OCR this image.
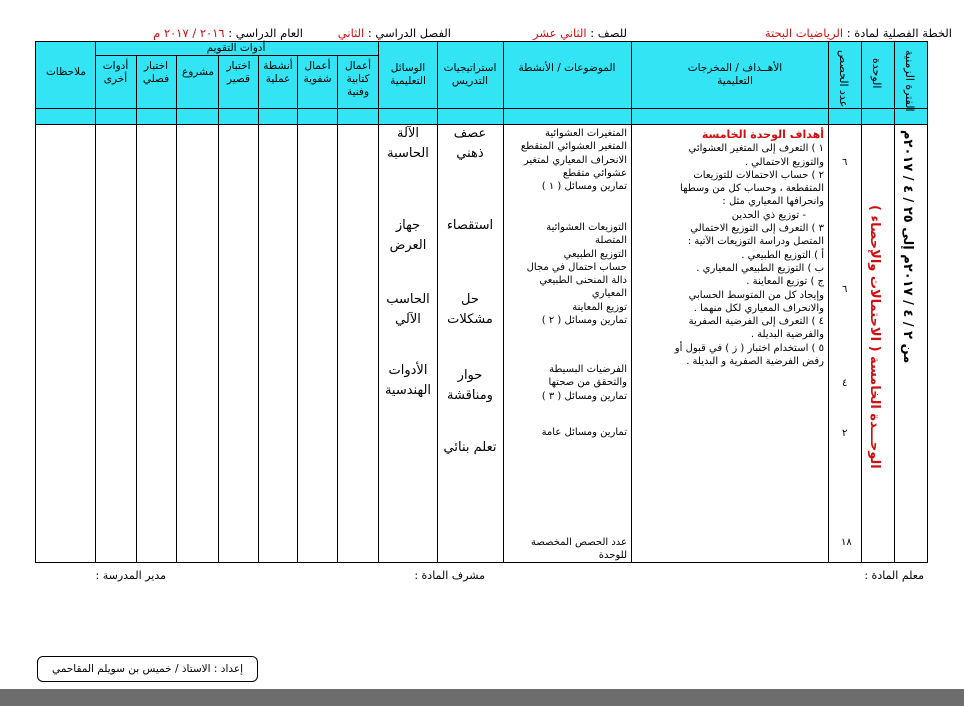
الخطة الفصلية لمادة : الرياضيات البحتة
للصف : الثاني عشر
الفصل الدراسي : الثاني
العام الدراسي : ٢٠١٦ / ٢٠١٧ م
الفترة الزمنية
الوحدة
عدد الحصص
الأهــداف / المخرجات التعليمية
الموضوعات / الأنشطة
استراتيجيات التدريس
الوسائل التعليمية
أدوات التقويم
أعمال كتابية وفنية
أعمال شفوية
أنشطة عملية
اختبار قصير
مشروع
اختبار فصلي
أدوات أخرى
ملاحظات
من ٢ / ٤ / ٢٠١٧م إلى ٢٥ / ٤ / ٢٠١٧م
الوحـــدة الخامسة ( الاحتمالات والإحصاء )
٦
٦
٤
٢
١٨
أهداف الوحدة الخامسة
١ ) التعرف إلى المتغير العشوائي
والتوزيع الاحتمالي .
٢ ) حساب الاحتمالات للتوزيعات
المتقطعة ، وحساب كل من وسطها
وانحرافها المعياري مثل :
- توزيع ذي الحدين
٣ ) التعرف إلى التوزيع الاحتمالي
المتصل ودراسة التوزيعات الآتية :
أ ) التوزيع الطبيعي .
ب ) التوزيع الطبيعي المعياري .
ج ) توزيع المعاينة .
وإيجاد كل من المتوسط الحسابي
والانحراف المعياري لكل منهما .
٤ ) التعرف إلى الفرضية الصفرية
والفرضية البديلة .
٥ ) استخدام اختبار ( ز ) في قبول أو
رفض الفرضية الصفرية و البديلة .
المتغيرات العشوائية
المتغير العشوائي المتقطع
الانحراف المعياري لمتغير
عشوائي متقطع
تمارين ومسائل ( ١ )
التوزيعات العشوائية
المتصلة
التوزيع الطبيعي
حساب احتمال في مجال
دالة المنحنى الطبيعي
المعياري
توزيع المعاينة
تمارين ومسائل ( ٢ )
الفرضيات البسيطة
والتحقق من صحتها
تمارين ومسائل ( ٣ )
تمارين ومسائل عامة
عدد الحصص المخصصة
للوحدة
عصف ذهني
استقصاء
حل مشكلات
حوار ومناقشة
تعلم بنائي
الآلة الحاسبة
جهاز العرض
الحاسب الآلي
الأدوات الهندسية
معلم المادة :
مشرف المادة :
مدير المدرسة :
إعداد : الاستاذ / خميس بن سويلم المقاحمي
